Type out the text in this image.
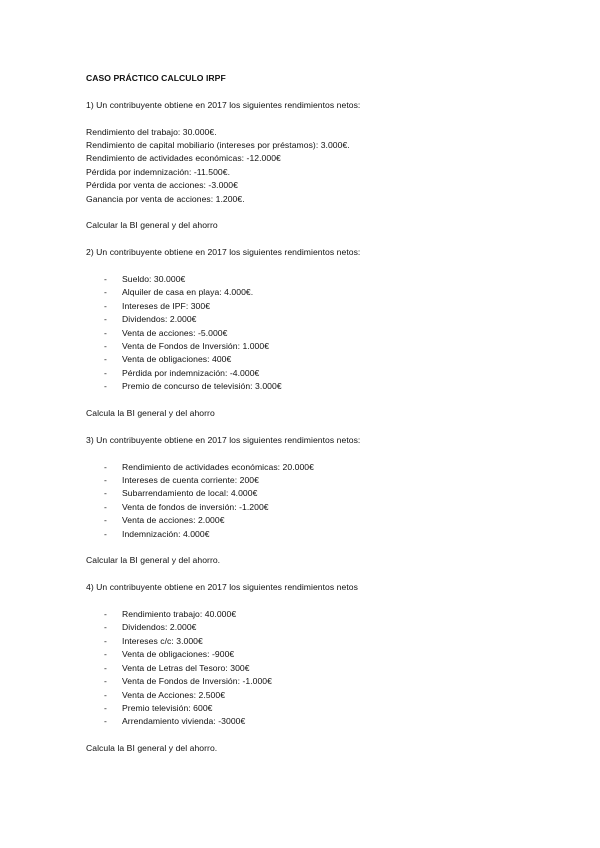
CASO PRÁCTICO CALCULO IRPF
1) Un contribuyente obtiene en 2017 los siguientes rendimientos netos:
Rendimiento del trabajo: 30.000€.
Rendimiento de capital mobiliario (intereses por préstamos): 3.000€.
Rendimiento de actividades económicas: -12.000€
Pérdida por indemnización: -11.500€.
Pérdida por venta de acciones: -3.000€
Ganancia por venta de acciones: 1.200€.
Calcular la BI general y del ahorro
2) Un contribuyente obtiene en 2017 los siguientes rendimientos netos:
- Sueldo: 30.000€
- Alquiler de casa en playa: 4.000€.
- Intereses de IPF: 300€
- Dividendos: 2.000€
- Venta de acciones: -5.000€
- Venta de Fondos de Inversión: 1.000€
- Venta de obligaciones: 400€
- Pérdida por indemnización: -4.000€
- Premio de concurso de televisión: 3.000€
Calcula la BI general y del ahorro
3) Un contribuyente obtiene en 2017 los siguientes rendimientos netos:
- Rendimiento de actividades económicas: 20.000€
- Intereses de cuenta corriente: 200€
- Subarrendamiento de local: 4.000€
- Venta de fondos de inversión: -1.200€
- Venta de acciones: 2.000€
- Indemnización: 4.000€
Calcular la BI general y del ahorro.
4) Un contribuyente obtiene en 2017 los siguientes rendimientos netos
- Rendimiento trabajo: 40.000€
- Dividendos: 2.000€
- Intereses c/c: 3.000€
- Venta de obligaciones: -900€
- Venta de Letras del Tesoro: 300€
- Venta de Fondos de Inversión: -1.000€
- Venta de Acciones: 2.500€
- Premio televisión: 600€
- Arrendamiento vivienda: -3000€
Calcula la BI general y del ahorro.
